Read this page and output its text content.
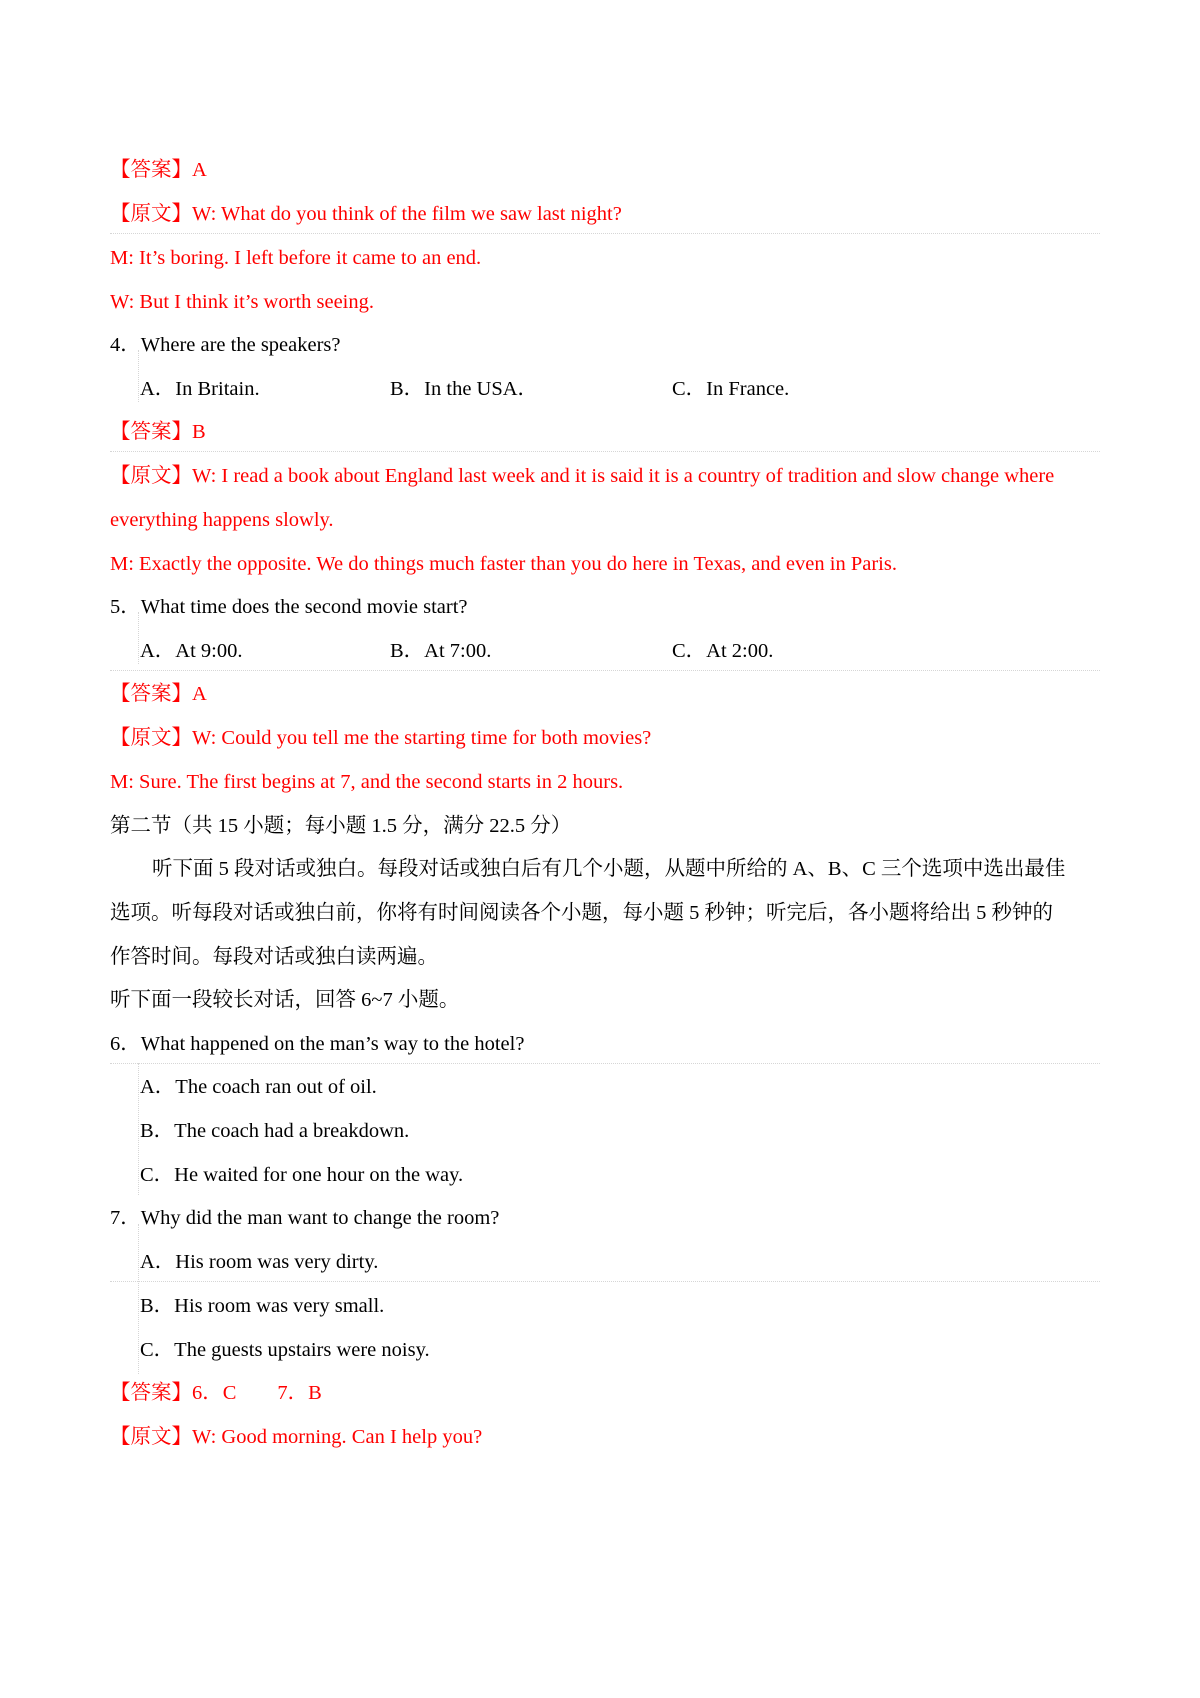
【答案】A
【原文】W: What do you think of the film we saw last night?
M: It’s boring. I left before it came to an end.
W: But I think it’s worth seeing.
4．Where are the speakers?
A．In Britain.	B．In the USA．	C．In France.
【答案】B
【原文】W: I read a book about England last week and it is said it is a country of tradition and slow change where
everything happens slowly.
M: Exactly the opposite. We do things much faster than you do here in Texas, and even in Paris.
5．What time does the second movie start?
A．At 9:00.	B．At 7:00.	C．At 2:00.
【答案】A
【原文】W: Could you tell me the starting time for both movies?
M: Sure. The first begins at 7, and the second starts in 2 hours.
第二节（共 15 小题；每小题 1.5 分，满分 22.5 分）
听下面 5 段对话或独白。每段对话或独白后有几个小题，从题中所给的 A、B、C 三个选项中选出最佳
选项。听每段对话或独白前，你将有时间阅读各个小题，每小题 5 秒钟；听完后，各小题将给出 5 秒钟的
作答时间。每段对话或独白读两遍。
听下面一段较长对话，回答 6~7 小题。
6．What happened on the man’s way to the hotel?
A．The coach ran out of oil.
B．The coach had a breakdown.
C．He waited for one hour on the way.
7．Why did the man want to change the room?
A．His room was very dirty.
B．His room was very small.
C．The guests upstairs were noisy.
【答案】6．C　　7．B
【原文】W: Good morning. Can I help you?
